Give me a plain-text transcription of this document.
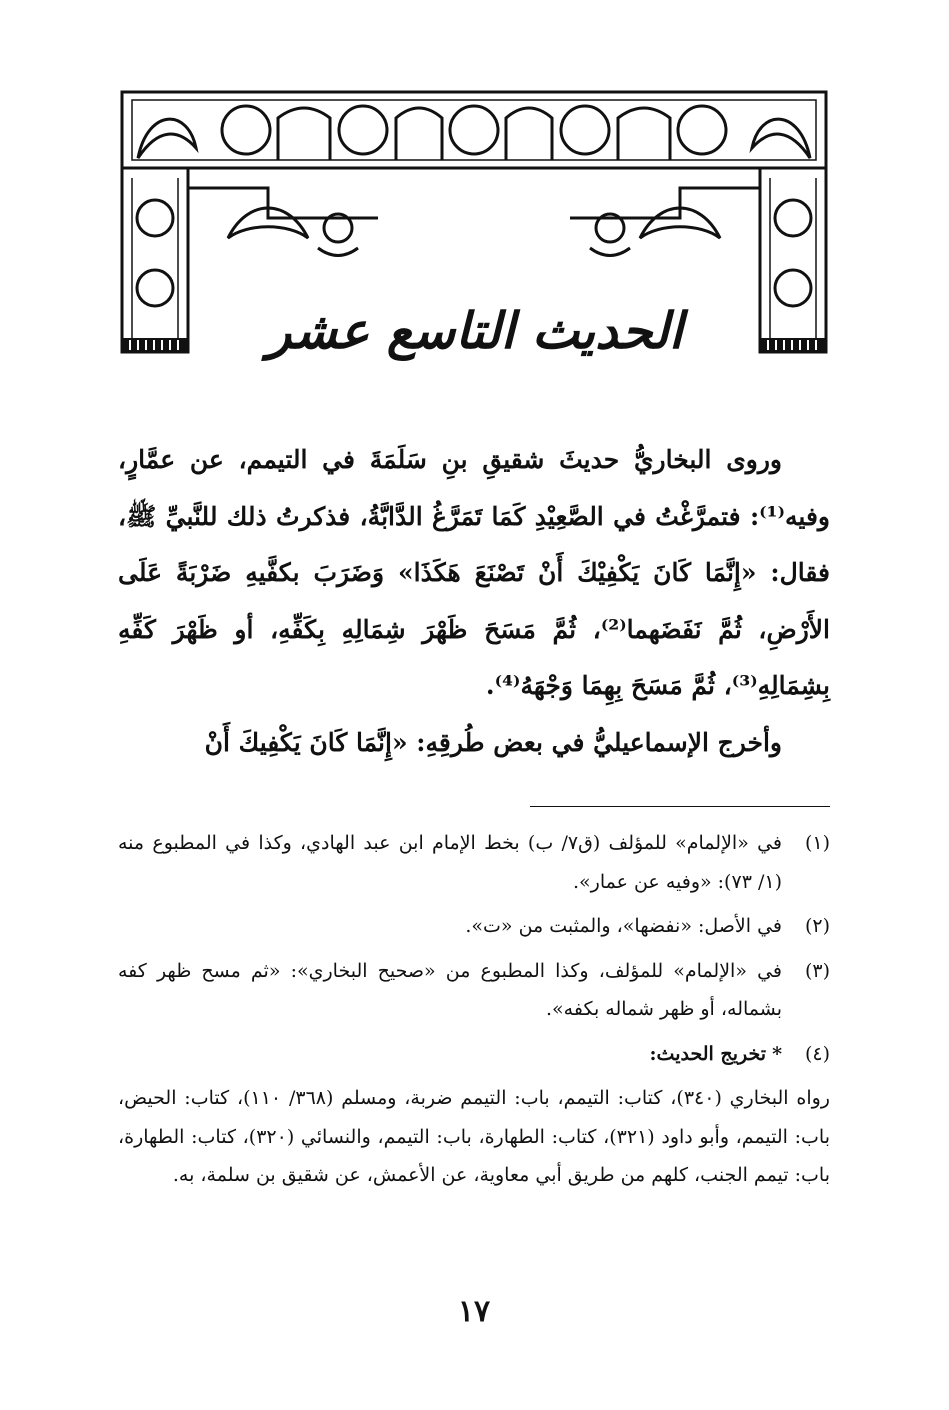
الحديث التاسع عشر

وروى البخاريُّ حديثَ شقيقِ بنِ سَلَمَةَ في التيمم، عن عمَّارٍ، وفيه⁽¹⁾: فتمرَّغْتُ في الصَّعِيْدِ كَمَا تَمَرَّغُ الدَّابَّةُ، فذكرتُ ذلك للنَّبيِّ ﷺ، فقال: «إِنَّمَا كَانَ يَكْفِيْكَ أَنْ تَصْنَعَ هَكَذَا» وَضَرَبَ بكفَّيهِ ضَرْبَةً عَلَى الأَرْضِ، ثُمَّ نَفَضَهما⁽²⁾، ثُمَّ مَسَحَ ظَهْرَ شِمَالِهِ بِكَفِّهِ، أو ظَهْرَ كَفِّهِ بِشِمَالِهِ⁽³⁾، ثُمَّ مَسَحَ بِهِمَا وَجْهَهُ⁽⁴⁾.

وأخرج الإسماعيليُّ في بعض طُرقِهِ: «إِنَّمَا كَانَ يَكْفِيكَ أَنْ

(١)
في «الإلمام» للمؤلف (ق٧/ ب) بخط الإمام ابن عبد الهادي، وكذا في المطبوع منه (١/ ٧٣): «وفيه عن عمار».
(٢)
في الأصل: «نفضها»، والمثبت من «ت».
(٣)
في «الإلمام» للمؤلف، وكذا المطبوع من «صحيح البخاري»: «ثم مسح ظهر كفه بشماله، أو ظهر شماله بكفه».
(٤)
* تخريج الحديث:
رواه البخاري (٣٤٠)، كتاب: التيمم، باب: التيمم ضربة، ومسلم (٣٦٨/ ١١٠)، كتاب: الحيض، باب: التيمم، وأبو داود (٣٢١)، كتاب: الطهارة، باب: التيمم، والنسائي (٣٢٠)، كتاب: الطهارة، باب: تيمم الجنب، كلهم من طريق أبي معاوية، عن الأعمش، عن شقيق بن سلمة، به.
١٧
